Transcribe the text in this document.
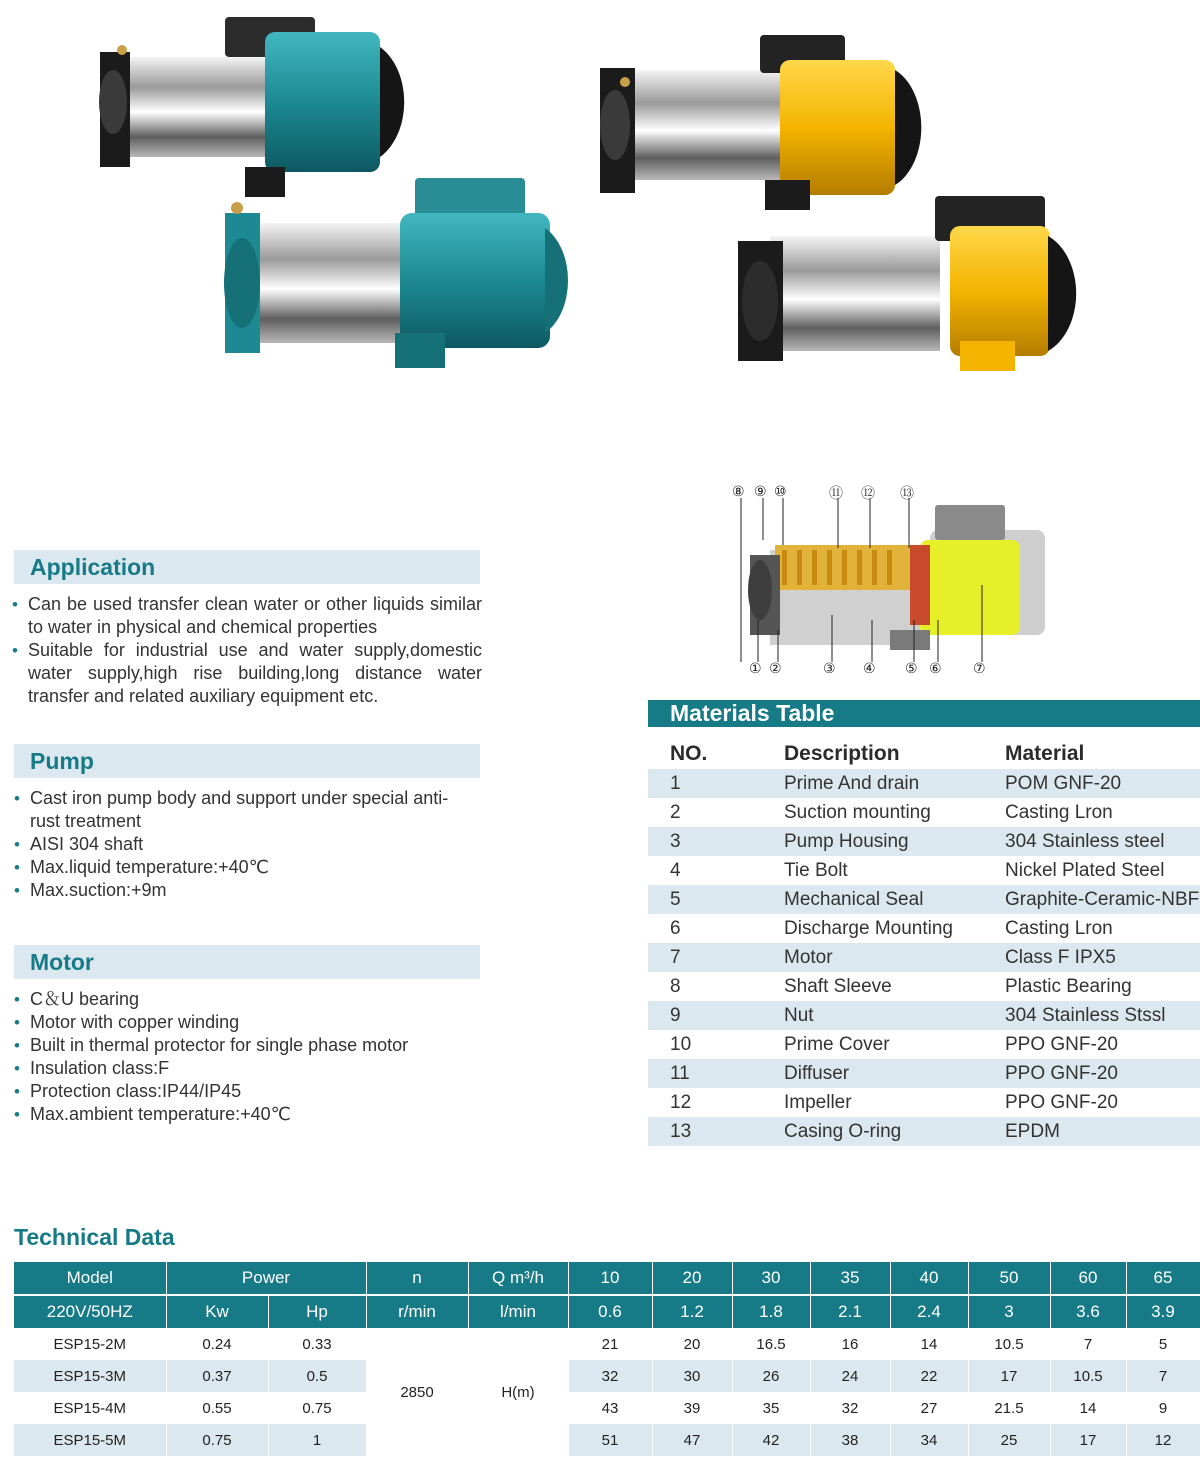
⑧ ⑨ ⑩	⑪ ⑫ ⑬
① ②	③ ④ ⑤ ⑥ ⑦
Application
• Can be used transfer clean water or other liquids similar to water in physical and chemical properties
• Suitable for industrial use and water supply,domestic water supply,high rise building,long distance water transfer and related auxiliary equipment etc.
Pump
• Cast iron pump body and support under special anti-rust treatment
• AISI 304 shaft
• Max.liquid temperature:+40℃
• Max.suction:+9m
Motor
• C＆U bearing
• Motor with copper winding
• Built in thermal protector for single phase motor
• Insulation class:F
• Protection class:IP44/IP45
• Max.ambient temperature:+40℃
Materials Table
NO.	Description	Material
1	Prime And drain	POM GNF-20
2	Suction mounting	Casting Lron
3	Pump Housing	304 Stainless steel
4	Tie Bolt	Nickel Plated Steel
5	Mechanical Seal	Graphite-Ceramic-NBF
6	Discharge Mounting	Casting Lron
7	Motor	Class F IPX5
8	Shaft Sleeve	Plastic Bearing
9	Nut	304 Stainless Stssl
10	Prime Cover	PPO GNF-20
11	Diffuser	PPO GNF-20
12	Impeller	PPO GNF-20
13	Casing O-ring	EPDM
Technical Data
Model	Power		n	Q m³/h	10	20	30	35	40	50	60	65
220V/50HZ	Kw	Hp	r/min	l/min	0.6	1.2	1.8	2.1	2.4	3	3.6	3.9
ESP15-2M	0.24	0.33	2850	H(m)	21	20	16.5	16	14	10.5	7	5
ESP15-3M	0.37	0.5			32	30	26	24	22	17	10.5	7
ESP15-4M	0.55	0.75			43	39	35	32	27	21.5	14	9
ESP15-5M	0.75	1			51	47	42	38	34	25	17	12
